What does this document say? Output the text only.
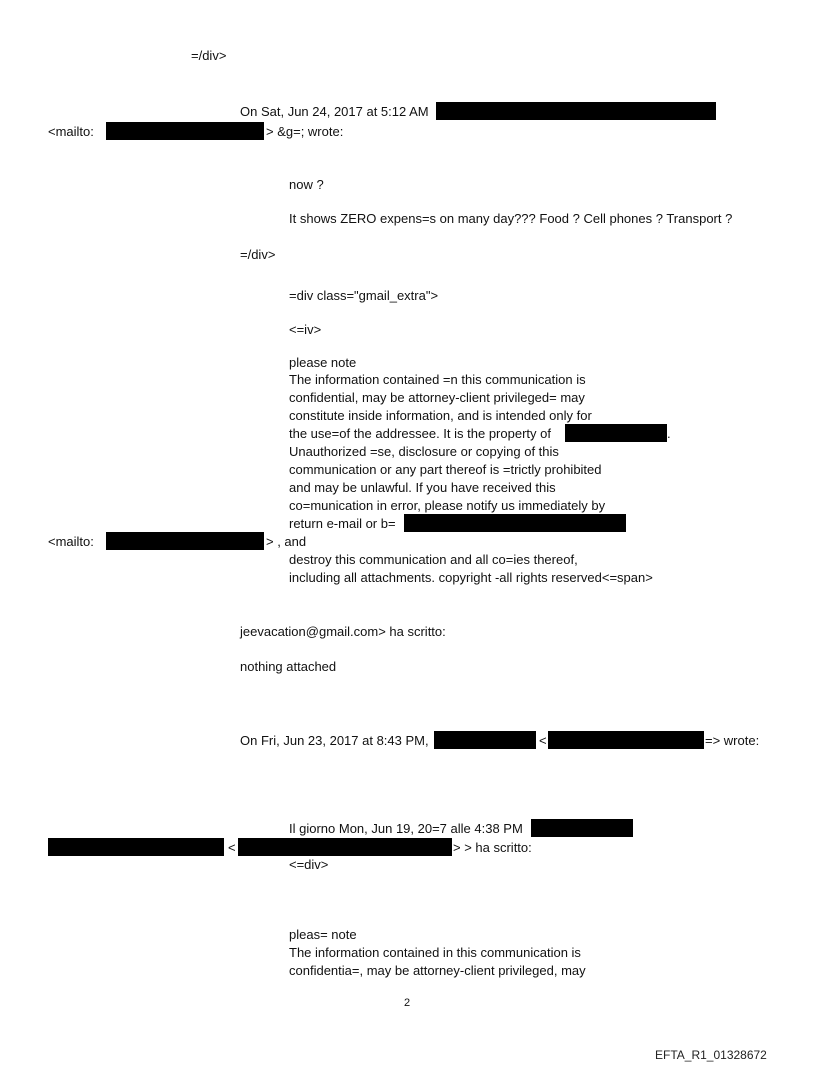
=/div>
On Sat, Jun 24, 2017 at 5:12 AM
<mailto:	> &g=; wrote:
now ?
It shows ZERO expens=s on many day??? Food ? Cell phones ? Transport ?
=/div>
=div class="gmail_extra">
<=iv>
please note
The information contained =n this communication is
confidential, may be attorney-client privileged= may
constitute inside information, and is intended only for
the use=of the addressee. It is the property of	.
Unauthorized =se, disclosure or copying of this
communication or any part thereof is =trictly prohibited
and may be unlawful. If you have received this
co=munication in error, please notify us immediately by
return e-mail or b=
<mailto:	> , and
destroy this communication and all co=ies thereof,
including all attachments. copyright -all rights reserved<=span>
jeevacation@gmail.com> ha scritto:
nothing attached
On Fri, Jun 23, 2017 at 8:43 PM,	<	=> wrote:
Il giorno Mon, Jun 19, 20=7 alle 4:38 PM
<	> > ha scritto:
<=div>
pleas= note
The information contained in this communication is
confidentia=, may be attorney-client privileged, may
2
EFTA_R1_01328672
